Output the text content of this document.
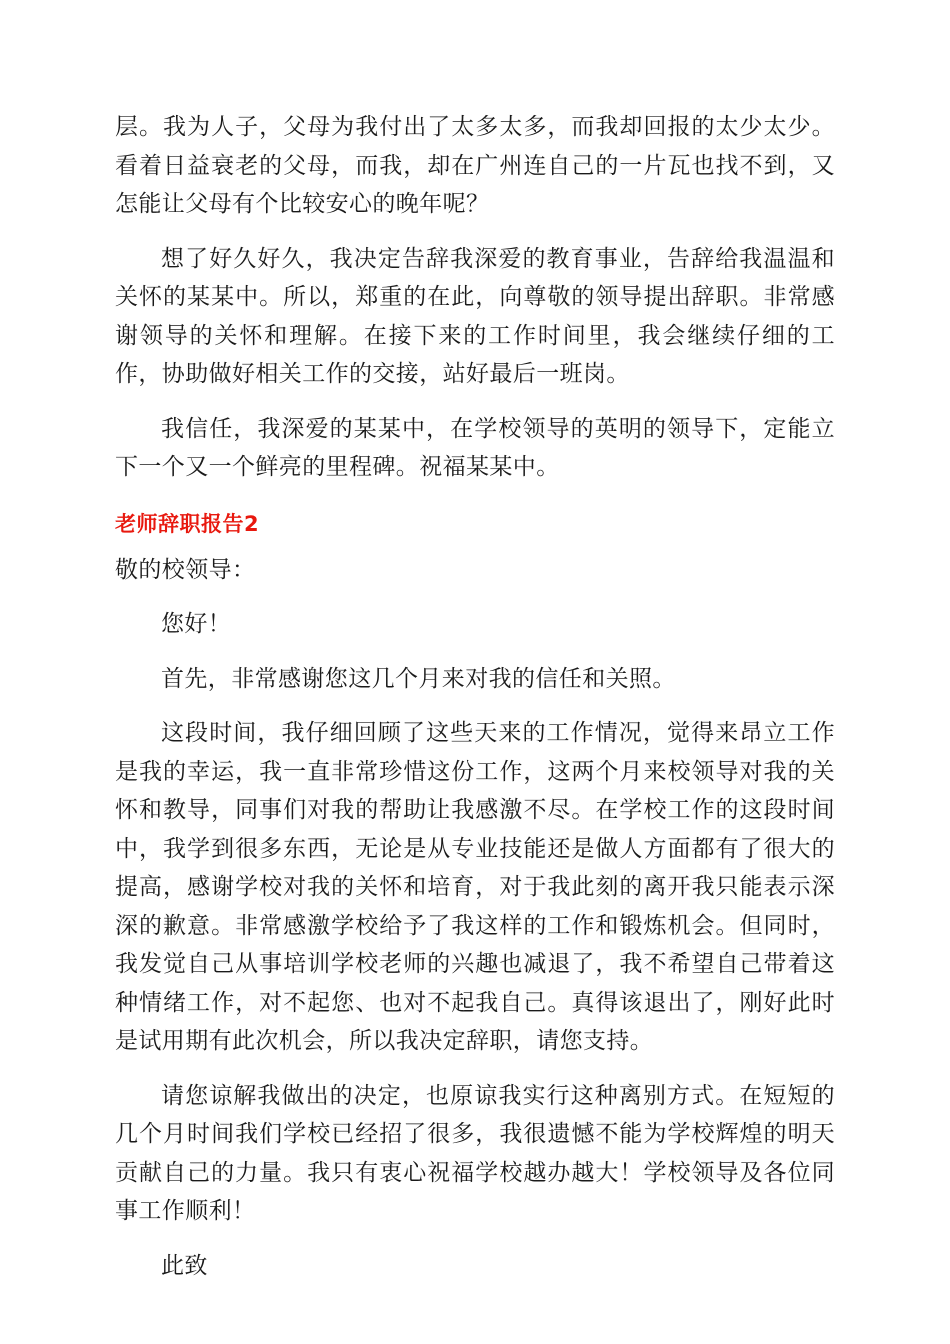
层。我为人子，父母为我付出了太多太多，而我却回报的太少太少。看着日益衰老的父母，而我，却在广州连自己的一片瓦也找不到，又怎能让父母有个比较安心的晚年呢？

想了好久好久，我决定告辞我深爱的教育事业，告辞给我温温和关怀的某某中。所以，郑重的在此，向尊敬的领导提出辞职。非常感谢领导的关怀和理解。在接下来的工作时间里，我会继续仔细的工作，协助做好相关工作的交接，站好最后一班岗。

我信任，我深爱的某某中，在学校领导的英明的领导下，定能立下一个又一个鲜亮的里程碑。祝福某某中。

老师辞职报告2

敬的校领导：

您好！

首先，非常感谢您这几个月来对我的信任和关照。

这段时间，我仔细回顾了这些天来的工作情况，觉得来昂立工作是我的幸运，我一直非常珍惜这份工作，这两个月来校领导对我的关怀和教导，同事们对我的帮助让我感激不尽。在学校工作的这段时间中，我学到很多东西，无论是从专业技能还是做人方面都有了很大的提高，感谢学校对我的关怀和培育，对于我此刻的离开我只能表示深深的歉意。非常感激学校给予了我这样的工作和锻炼机会。但同时，我发觉自己从事培训学校老师的兴趣也减退了，我不希望自己带着这种情绪工作，对不起您、也对不起我自己。真得该退出了，刚好此时是试用期有此次机会，所以我决定辞职，请您支持。

请您谅解我做出的决定，也原谅我实行这种离别方式。在短短的几个月时间我们学校已经招了很多，我很遗憾不能为学校辉煌的明天贡献自己的力量。我只有衷心祝福学校越办越大！学校领导及各位同事工作顺利！

此致
